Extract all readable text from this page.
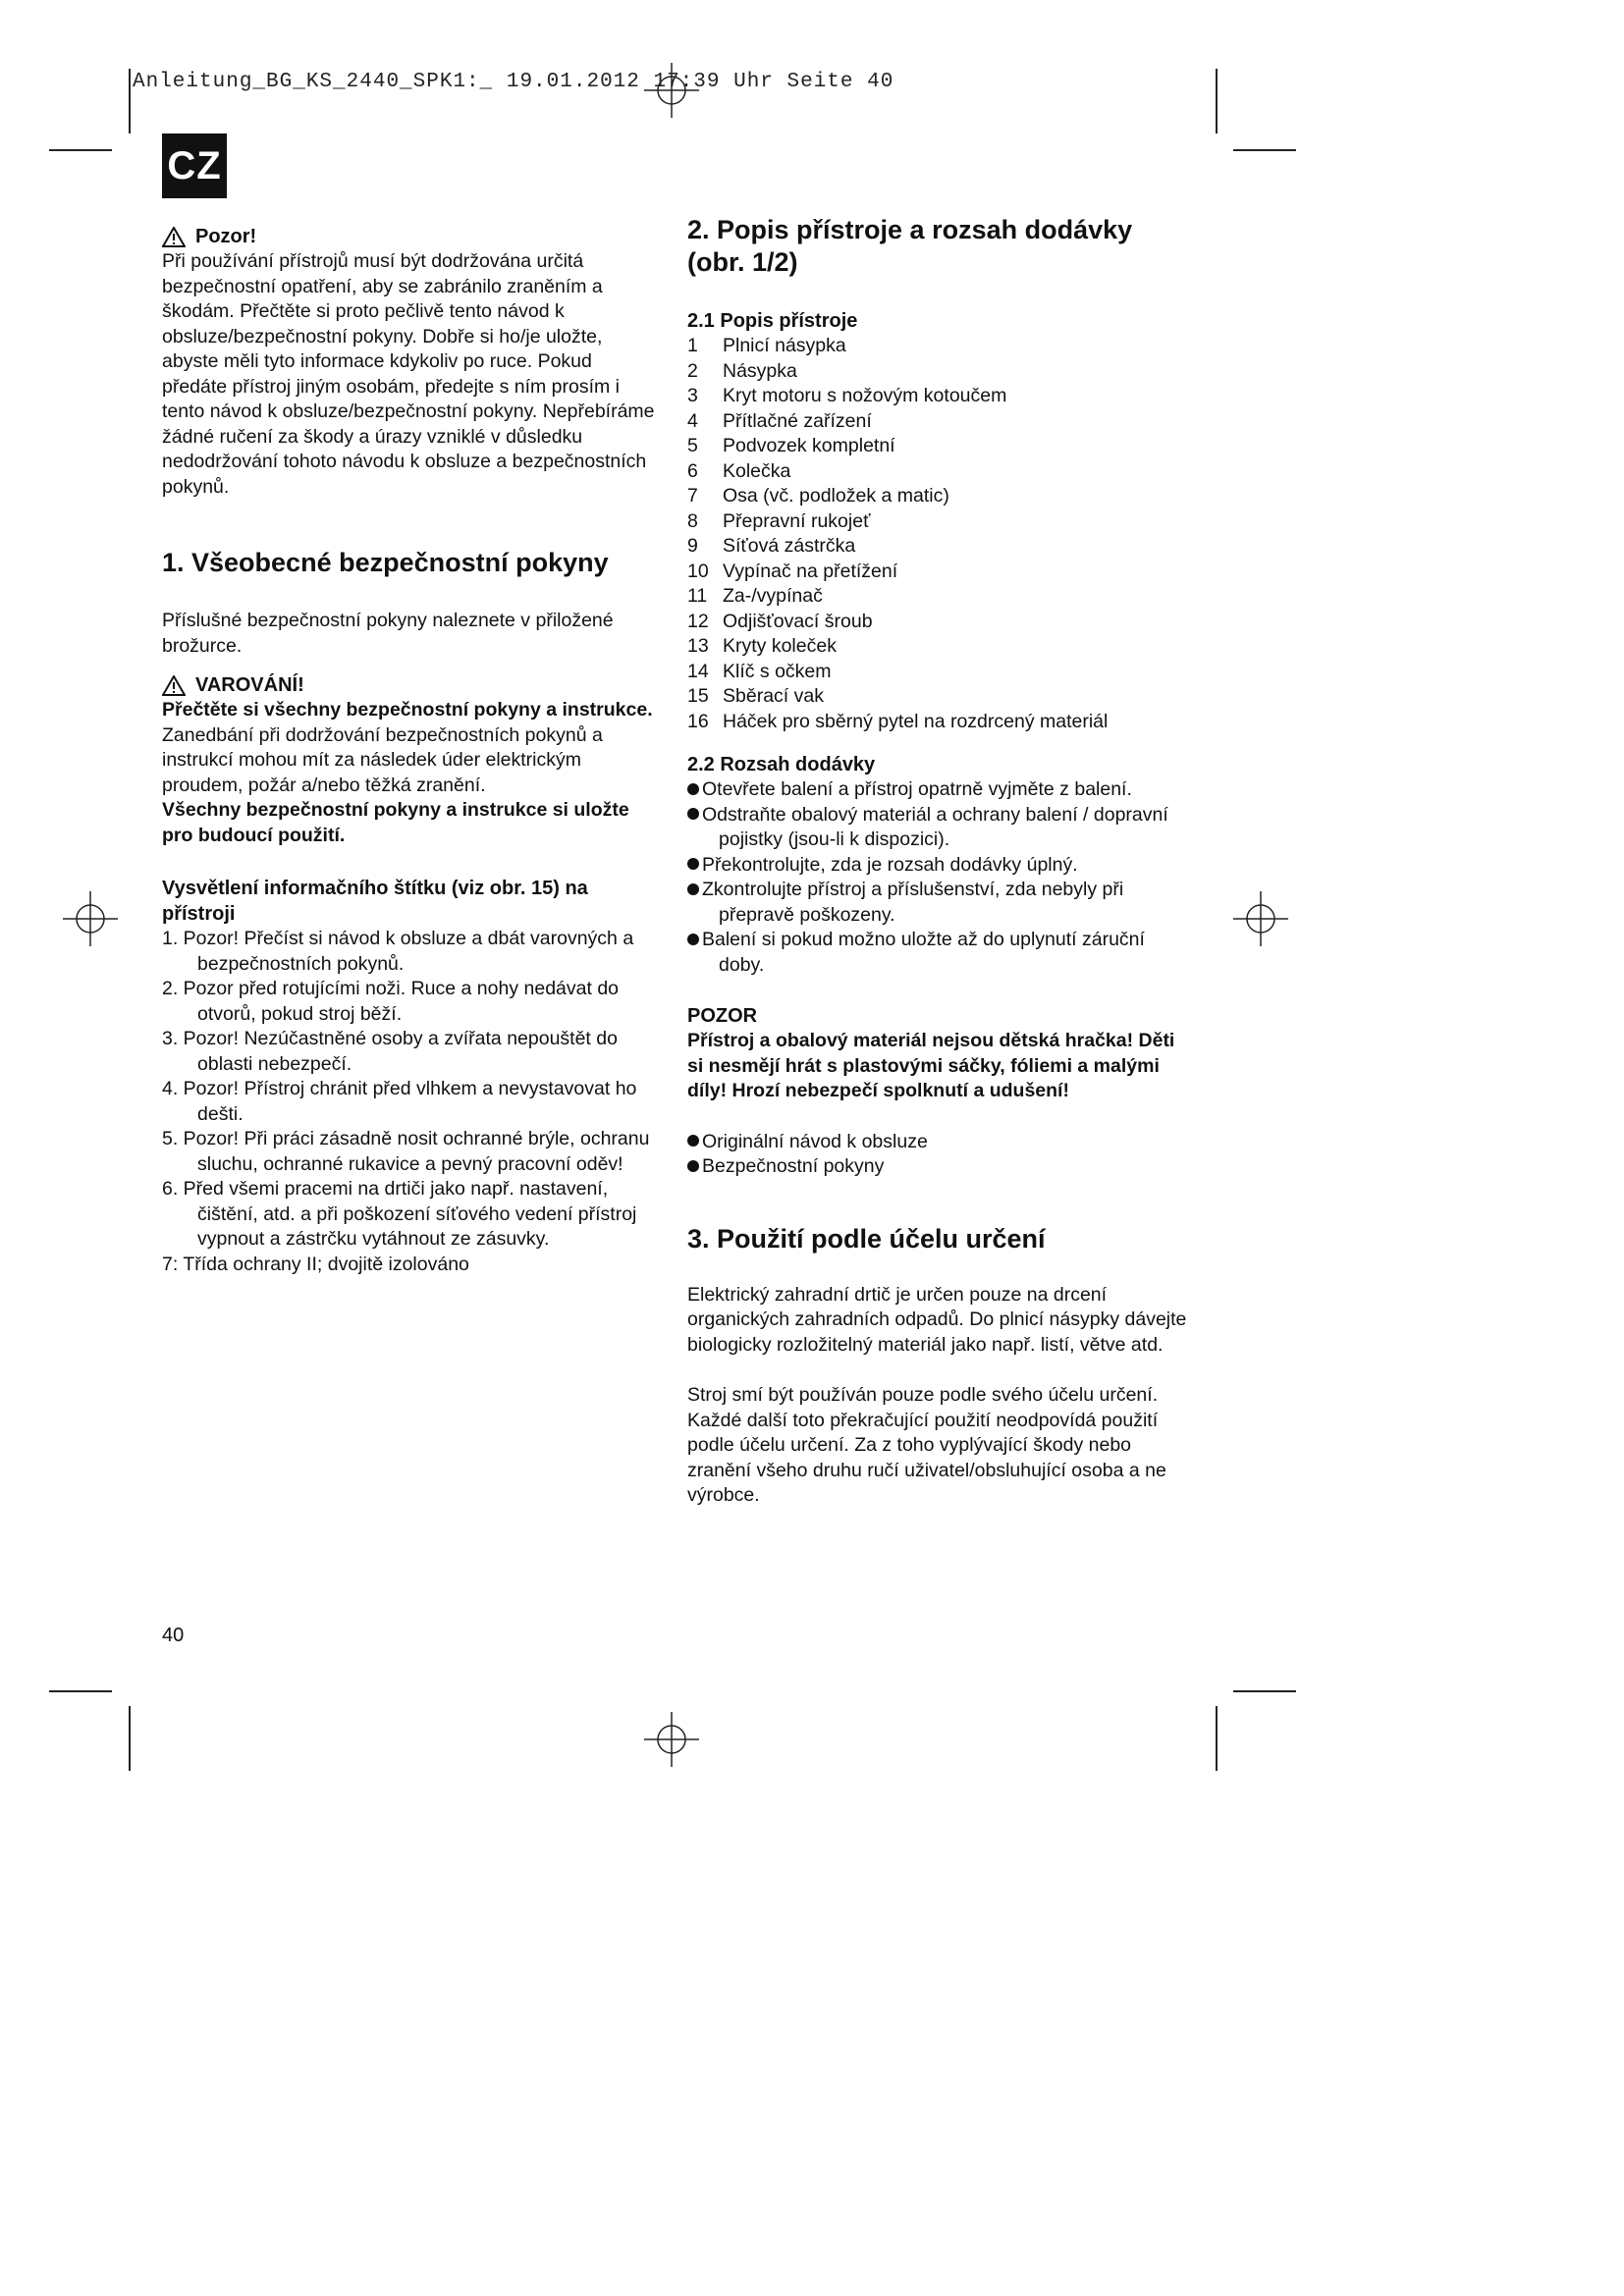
Anleitung_BG_KS_2440_SPK1:_ 19.01.2012 17:39 Uhr Seite 40
CZ
Pozor!

Při používání přístrojů musí být dodržována určitá bezpečnostní opatření, aby se zabránilo zraněním a škodám. Přečtěte si proto pečlivě tento návod k obsluze/bezpečnostní pokyny. Dobře si ho/je uložte, abyste měli tyto informace kdykoliv po ruce. Pokud předáte přístroj jiným osobám, předejte s ním prosím i tento návod k obsluze/bezpečnostní pokyny. Nepřebíráme žádné ručení za škody a úrazy vzniklé v důsledku nedodržování tohoto návodu k obsluze a bezpečnostních pokynů.

1. Všeobecné bezpečnostní pokyny

Příslušné bezpečnostní pokyny naleznete v přiložené brožurce.

VAROVÁNÍ!

Přečtěte si všechny bezpečnostní pokyny a instrukce.

Zanedbání při dodržování bezpečnostních pokynů a instrukcí mohou mít za následek úder elektrickým proudem, požár a/nebo těžká zranění.

Všechny bezpečnostní pokyny a instrukce si uložte pro budoucí použití.

Vysvětlení informačního štítku (viz obr. 15) na přístroji
1. Pozor! Přečíst si návod k obsluze a dbát varovných a bezpečnostních pokynů.
2. Pozor před rotujícími noži. Ruce a nohy nedávat do otvorů, pokud stroj běží.
3. Pozor! Nezúčastněné osoby a zvířata nepouštět do oblasti nebezpečí.
4. Pozor! Přístroj chránit před vlhkem a nevystavovat ho dešti.
5. Pozor! Při práci zásadně nosit ochranné brýle, ochranu sluchu, ochranné rukavice a pevný pracovní oděv!
6. Před všemi pracemi na drtiči jako např. nastavení, čištění, atd. a při poškození síťového vedení přístroj vypnout a zástrčku vytáhnout ze zásuvky.
7: Třída ochrany II; dvojitě izolováno
2. Popis přístroje a rozsah dodávky (obr. 1/2)
2.1 Popis přístroje
1 Plnicí násypka
2 Násypka
3 Kryt motoru s nožovým kotoučem
4 Přítlačné zařízení
5 Podvozek kompletní
6 Kolečka
7 Osa (vč. podložek a matic)
8 Přepravní rukojeť
9 Síťová zástrčka
10 Vypínač na přetížení
11 Za-/vypínač
12 Odjišťovací šroub
13 Kryty koleček
14 Klíč s očkem
15 Sběrací vak
16 Háček pro sběrný pytel na rozdrcený materiál
2.2 Rozsah dodávky
Otevřete balení a přístroj opatrně vyjměte z balení.
Odstraňte obalový materiál a ochrany balení / dopravní pojistky (jsou-li k dispozici).
Překontrolujte, zda je rozsah dodávky úplný.
Zkontrolujte přístroj a příslušenství, zda nebyly při přepravě poškozeny.
Balení si pokud možno uložte až do uplynutí záruční doby.
POZOR

Přístroj a obalový materiál nejsou dětská hračka! Děti si nesmějí hrát s plastovými sáčky, fóliemi a malými díly! Hrozí nebezpečí spolknutí a udušení!

Originální návod k obsluze
Bezpečnostní pokyny
3. Použití podle účelu určení

Elektrický zahradní drtič je určen pouze na drcení organických zahradních odpadů. Do plnicí násypky dávejte biologicky rozložitelný materiál jako např. listí, větve atd.

Stroj smí být používán pouze podle svého účelu určení. Každé další toto překračující použití neodpovídá použití podle účelu určení. Za z toho vyplývající škody nebo zranění všeho druhu ručí uživatel/obsluhující osoba a ne výrobce.

40
